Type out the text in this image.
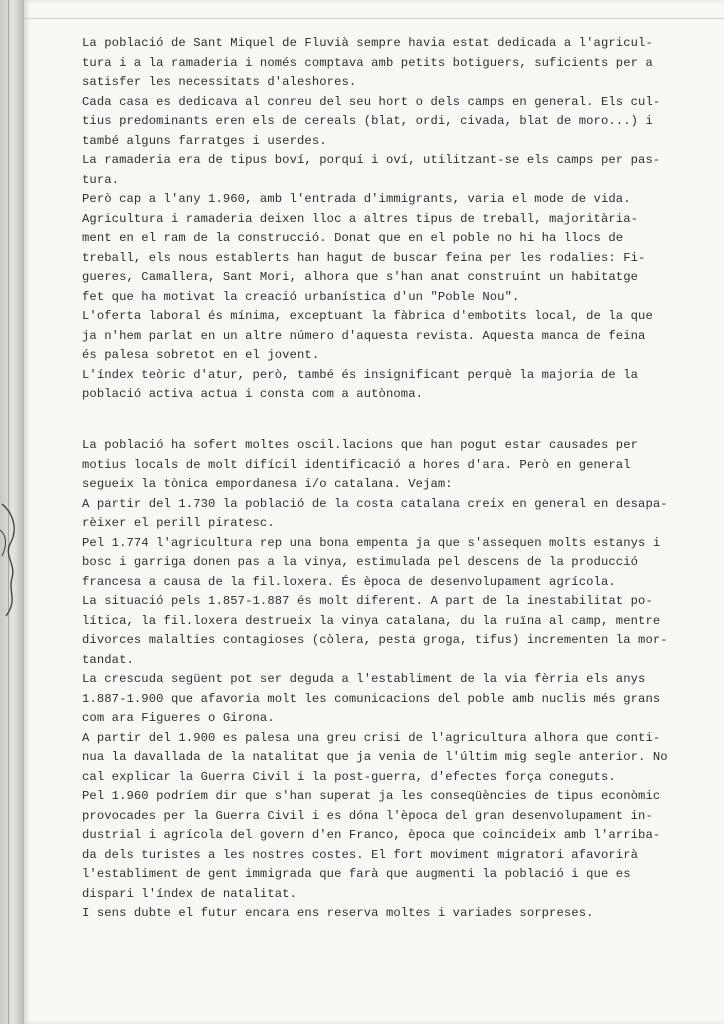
La població de Sant Miquel de Fluvià sempre havia estat dedicada a l'agricul-
tura i a la ramaderia i només comptava amb petits botiguers, suficients per a
satisfer les necessitats d'aleshores.
Cada casa es dedicava al conreu del seu hort o dels camps en general. Els cul-
tius predominants eren els de cereals (blat, ordi, civada, blat de moro...) i
també alguns farratges i userdes.
La ramaderia era de tipus boví, porquí i oví, utilitzant-se els camps per pas-
tura.
Però cap a l'any 1.960, amb l'entrada d'immigrants, varia el mode de vida.
Agricultura i ramaderia deixen lloc a altres tipus de treball, majoritària-
ment en el ram de la construcció. Donat que en el poble no hi ha llocs de
treball, els nous establerts han hagut de buscar feina per les rodalies: Fi-
gueres, Camallera, Sant Mori, alhora que s'han anat construint un habitatge
fet que ha motivat la creació urbanística d'un "Poble Nou".
L'oferta laboral és mínima, exceptuant la fàbrica d'embotits local, de la que
ja n'hem parlat en un altre número d'aquesta revista. Aquesta manca de feina
és palesa sobretot en el jovent.
L'índex teòric d'atur, però, també és insignificant perquè la majoria de la
població activa actua i consta com a autònoma.
La població ha sofert moltes oscil.lacions que han pogut estar causades per
motius locals de molt difícil identificació a hores d'ara. Però en general
segueix la tònica empordanesa i/o catalana. Vejam:
A partir del 1.730 la població de la costa catalana creix en general en desapa-
rèixer el perill piratesc.
Pel 1.774 l'agricultura rep una bona empenta ja que s'assequen molts estanys i
bosc i garriga donen pas a la vinya, estimulada pel descens de la producció
francesa a causa de la fil.loxera. És època de desenvolupament agrícola.
La situació pels 1.857-1.887 és molt diferent. A part de la inestabilitat po-
lítica, la fil.loxera destrueix la vinya catalana, du la ruïna al camp, mentre
divorces malalties contagioses (còlera, pesta groga, tifus) incrementen la mor-
tandat.
La crescuda següent pot ser deguda a l'establiment de la via fèrria els anys
1.887-1.900 que afavoria molt les comunicacions del poble amb nuclis més grans
com ara Figueres o Girona.
A partir del 1.900 es palesa una greu crisi de l'agricultura alhora que conti-
nua la davallada de la natalitat que ja venia de l'últim mig segle anterior. No
cal explicar la Guerra Civil i la post-guerra, d'efectes força coneguts.
Pel 1.960 podríem dir que s'han superat ja les conseqüències de tipus econòmic
provocades per la Guerra Civil i es dóna l'època del gran desenvolupament in-
dustrial i agrícola del govern d'en Franco, època que coincideix amb l'arriba-
da dels turistes a les nostres costes. El fort moviment migratori afavorirà
l'establiment de gent immigrada que farà que augmenti la població i que es
dispari l'índex de natalitat.
I sens dubte el futur encara ens reserva moltes i variades sorpreses.
